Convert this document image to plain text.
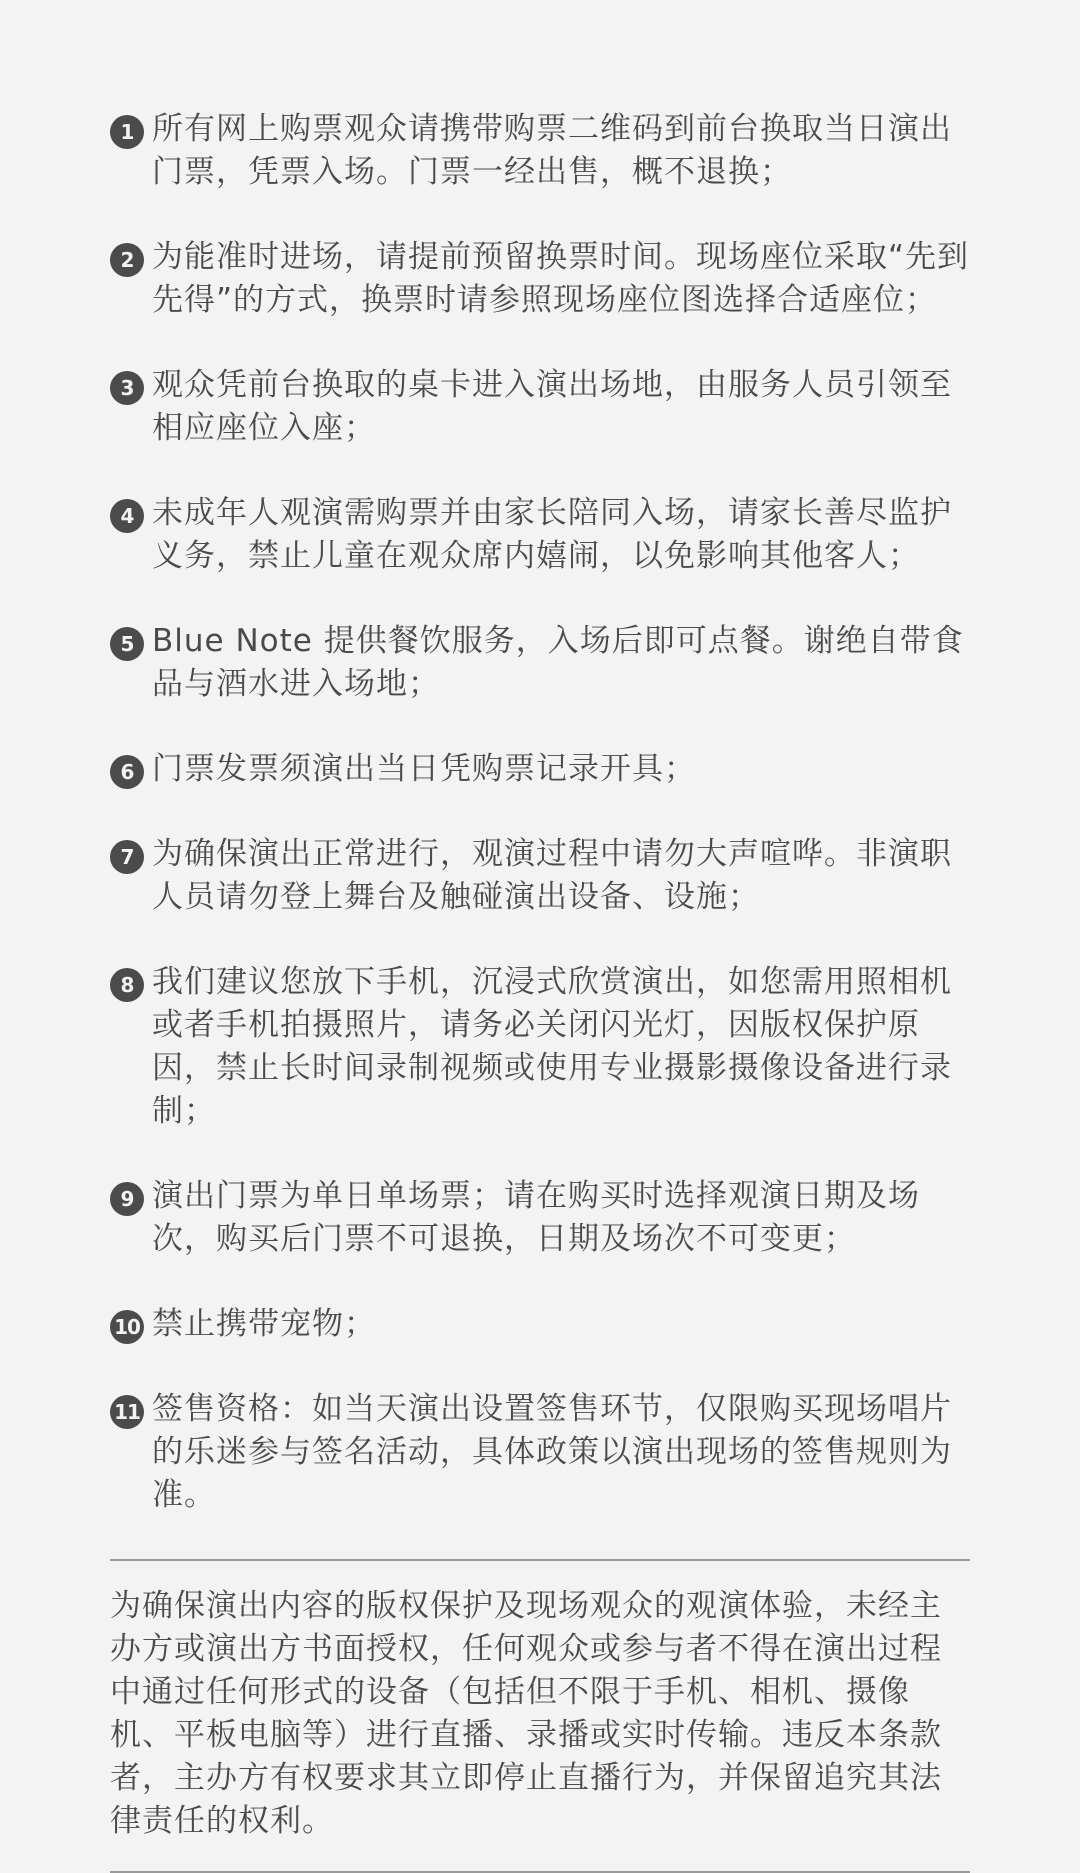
1 所有网上购票观众请携带购票二维码到前台换取当日演出门票，凭票入场。门票一经出售，概不退换；
2 为能准时进场，请提前预留换票时间。现场座位采取“先到先得”的方式，换票时请参照现场座位图选择合适座位；
3 观众凭前台换取的桌卡进入演出场地，由服务人员引领至相应座位入座；
4 未成年人观演需购票并由家长陪同入场，请家长善尽监护义务，禁止儿童在观众席内嬉闹，以免影响其他客人；
5 Blue Note 提供餐饮服务，入场后即可点餐。谢绝自带食品与酒水进入场地；
6 门票发票须演出当日凭购票记录开具；
7 为确保演出正常进行，观演过程中请勿大声喧哗。非演职人员请勿登上舞台及触碰演出设备、设施；
8 我们建议您放下手机，沉浸式欣赏演出，如您需用照相机或者手机拍摄照片，请务必关闭闪光灯，因版权保护原因，禁止长时间录制视频或使用专业摄影摄像设备进行录制；
9 演出门票为单日单场票；请在购买时选择观演日期及场次，购买后门票不可退换，日期及场次不可变更；
10 禁止携带宠物；
11 签售资格：如当天演出设置签售环节，仅限购买现场唱片的乐迷参与签名活动，具体政策以演出现场的签售规则为准。
为确保演出内容的版权保护及现场观众的观演体验，未经主办方或演出方书面授权，任何观众或参与者不得在演出过程中通过任何形式的设备（包括但不限于手机、相机、摄像机、平板电脑等）进行直播、录播或实时传输。违反本条款者，主办方有权要求其立即停止直播行为，并保留追究其法律责任的权利。
